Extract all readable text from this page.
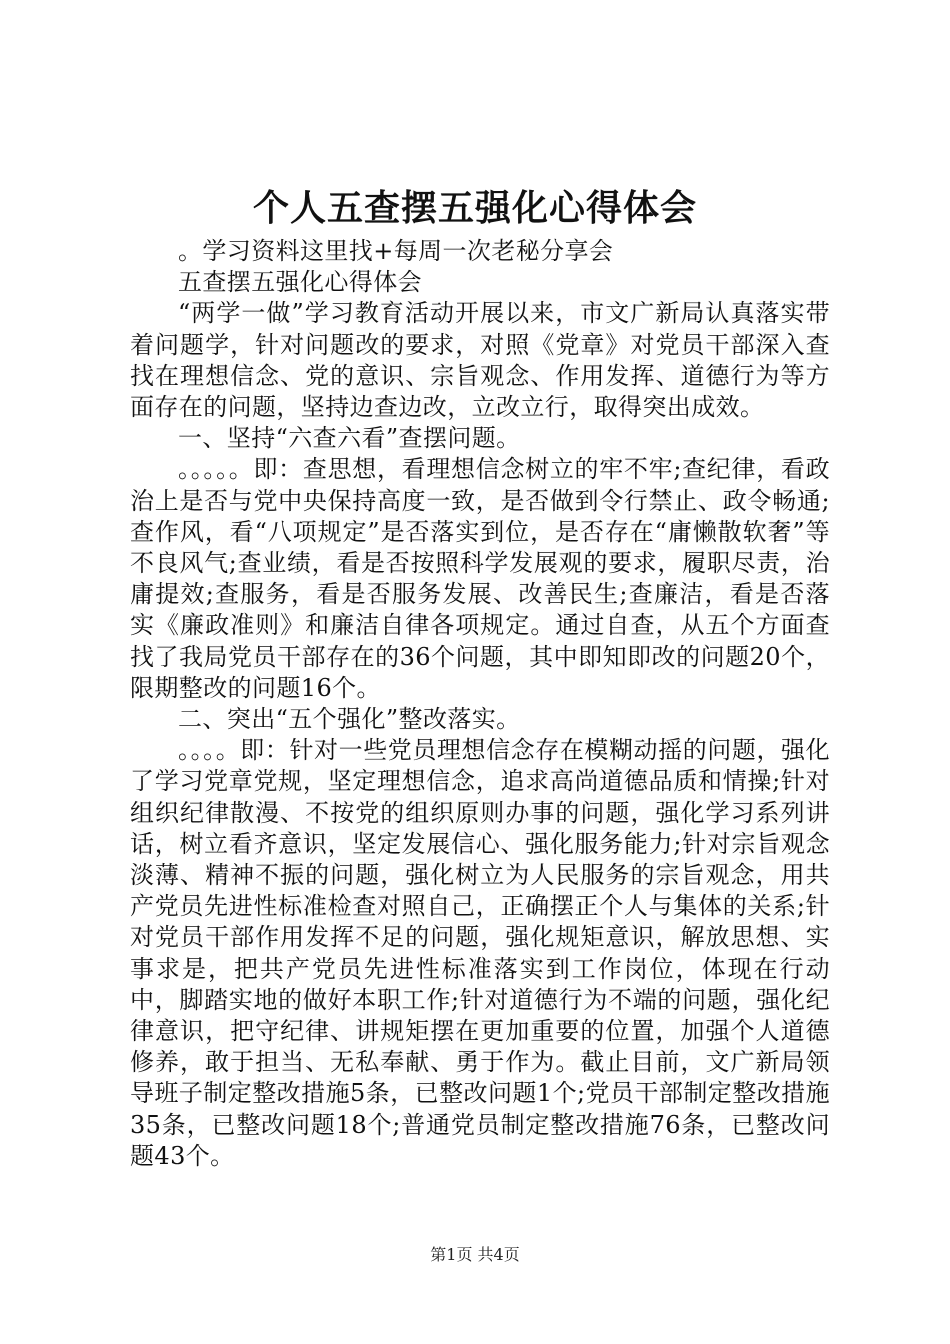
个人五查摆五强化心得体会

。学习资料这里找+每周一次老秘分享会

五查摆五强化心得体会

“两学一做”学习教育活动开展以来，市文广新局认真落实带着问题学，针对问题改的要求，对照《党章》对党员干部深入查找在理想信念、党的意识、宗旨观念、作用发挥、道德行为等方面存在的问题，坚持边查边改，立改立行，取得突出成效。

一、坚持“六查六看”查摆问题。

。。。。。即：查思想，看理想信念树立的牢不牢;查纪律，看政治上是否与党中央保持高度一致，是否做到令行禁止、政令畅通;查作风，看“八项规定”是否落实到位，是否存在“庸懒散软奢”等不良风气;查业绩，看是否按照科学发展观的要求，履职尽责，治庸提效;查服务，看是否服务发展、改善民生;查廉洁，看是否落实《廉政准则》和廉洁自律各项规定。通过自查，从五个方面查找了我局党员干部存在的36个问题，其中即知即改的问题20个，限期整改的问题16个。

二、突出“五个强化”整改落实。

。。。。即：针对一些党员理想信念存在模糊动摇的问题，强化了学习党章党规，坚定理想信念，追求高尚道德品质和情操;针对组织纪律散漫、不按党的组织原则办事的问题，强化学习系列讲话，树立看齐意识，坚定发展信心、强化服务能力;针对宗旨观念淡薄、精神不振的问题，强化树立为人民服务的宗旨观念，用共产党员先进性标准检查对照自己，正确摆正个人与集体的关系;针对党员干部作用发挥不足的问题，强化规矩意识，解放思想、实事求是，把共产党员先进性标准落实到工作岗位，体现在行动中，脚踏实地的做好本职工作;针对道德行为不端的问题，强化纪律意识，把守纪律、讲规矩摆在更加重要的位置，加强个人道德修养，敢于担当、无私奉献、勇于作为。截止目前，文广新局领导班子制定整改措施5条，已整改问题1个;党员干部制定整改措施35条，已整改问题18个;普通党员制定整改措施76条，已整改问题43个。

第1页 共4页
